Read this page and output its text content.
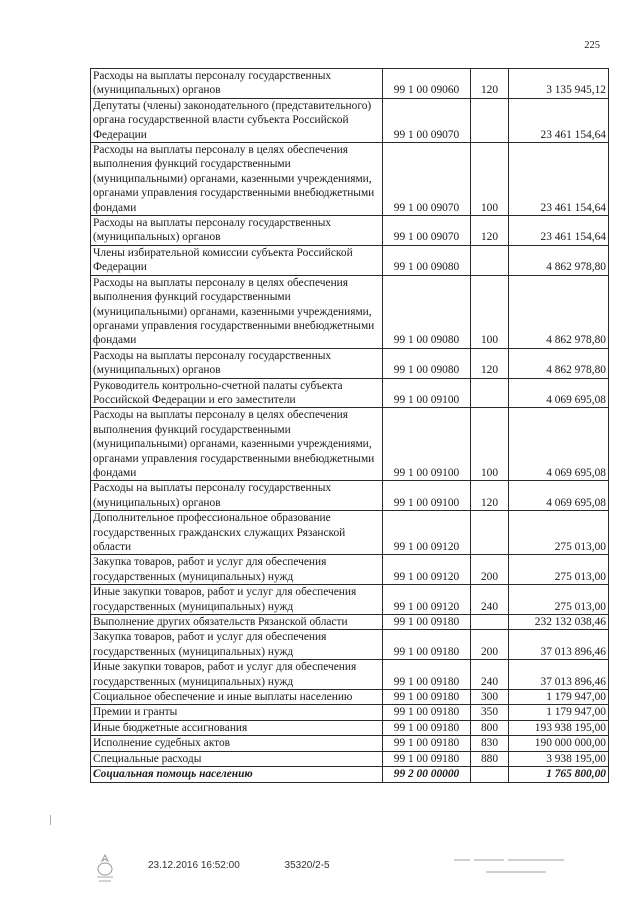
225
Расходы на выплаты персоналу государственных (муниципальных) органов	99 1 00 09060	120	3 135 945,12
Депутаты (члены) законодательного (представительного) органа государственной власти субъекта Российской Федерации	99 1 00 09070		23 461 154,64
Расходы на выплаты персоналу в целях обеспечения выполнения функций государственными (муниципальными) органами, казенными учреждениями, органами управления государственными внебюджетными фондами	99 1 00 09070	100	23 461 154,64
Расходы на выплаты персоналу государственных (муниципальных) органов	99 1 00 09070	120	23 461 154,64
Члены избирательной комиссии субъекта Российской Федерации	99 1 00 09080		4 862 978,80
Расходы на выплаты персоналу в целях обеспечения выполнения функций государственными (муниципальными) органами, казенными учреждениями, органами управления государственными внебюджетными фондами	99 1 00 09080	100	4 862 978,80
Расходы на выплаты персоналу государственных (муниципальных) органов	99 1 00 09080	120	4 862 978,80
Руководитель контрольно-счетной палаты субъекта Российской Федерации и его заместители	99 1 00 09100		4 069 695,08
Расходы на выплаты персоналу в целях обеспечения выполнения функций государственными (муниципальными) органами, казенными учреждениями, органами управления государственными внебюджетными фондами	99 1 00 09100	100	4 069 695,08
Расходы на выплаты персоналу государственных (муниципальных) органов	99 1 00 09100	120	4 069 695,08
Дополнительное профессиональное образование государственных гражданских служащих Рязанской области	99 1 00 09120		275 013,00
Закупка товаров, работ и услуг для обеспечения государственных (муниципальных) нужд	99 1 00 09120	200	275 013,00
Иные закупки товаров, работ и услуг для обеспечения государственных (муниципальных) нужд	99 1 00 09120	240	275 013,00
Выполнение других обязательств Рязанской области	99 1 00 09180		232 132 038,46
Закупка товаров, работ и услуг для обеспечения государственных (муниципальных) нужд	99 1 00 09180	200	37 013 896,46
Иные закупки товаров, работ и услуг для обеспечения государственных (муниципальных) нужд	99 1 00 09180	240	37 013 896,46
Социальное обеспечение и иные выплаты населению	99 1 00 09180	300	1 179 947,00
Премии и гранты	99 1 00 09180	350	1 179 947,00
Иные бюджетные ассигнования	99 1 00 09180	800	193 938 195,00
Исполнение судебных актов	99 1 00 09180	830	190 000 000,00
Специальные расходы	99 1 00 09180	880	3 938 195,00
Социальная помощь населению	99 2 00 00000		1 765 800,00
23.12.2016 16:52:00	35320/2-5
